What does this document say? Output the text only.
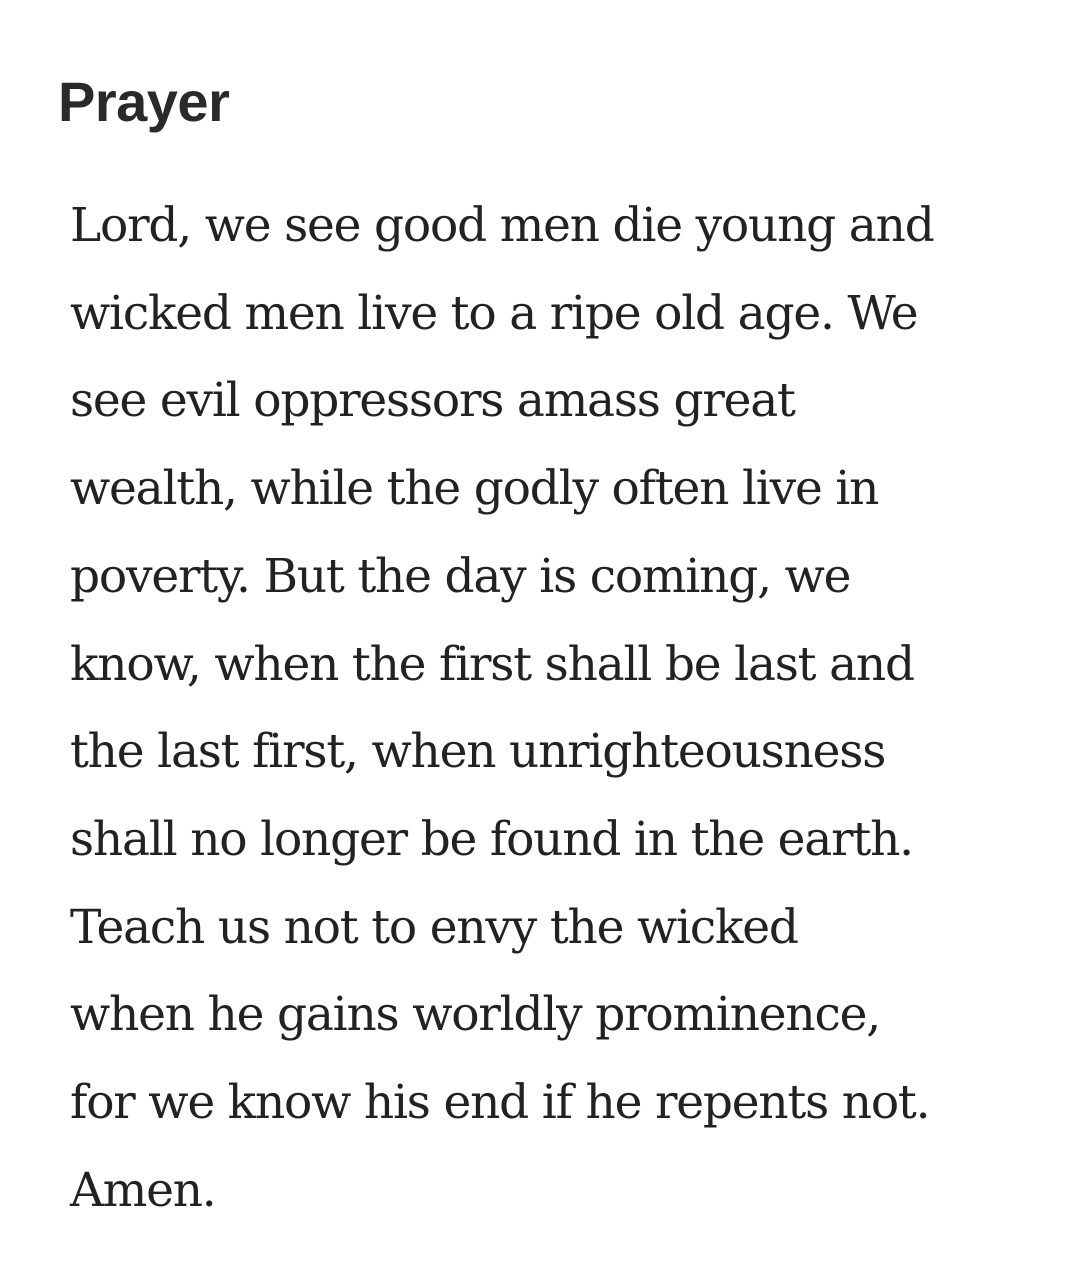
Prayer
Lord, we see good men die young and
wicked men live to a ripe old age. We
see evil oppressors amass great
wealth, while the godly often live in
poverty. But the day is coming, we
know, when the first shall be last and
the last first, when unrighteousness
shall no longer be found in the earth.
Teach us not to envy the wicked
when he gains worldly prominence,
for we know his end if he repents not.
Amen.
